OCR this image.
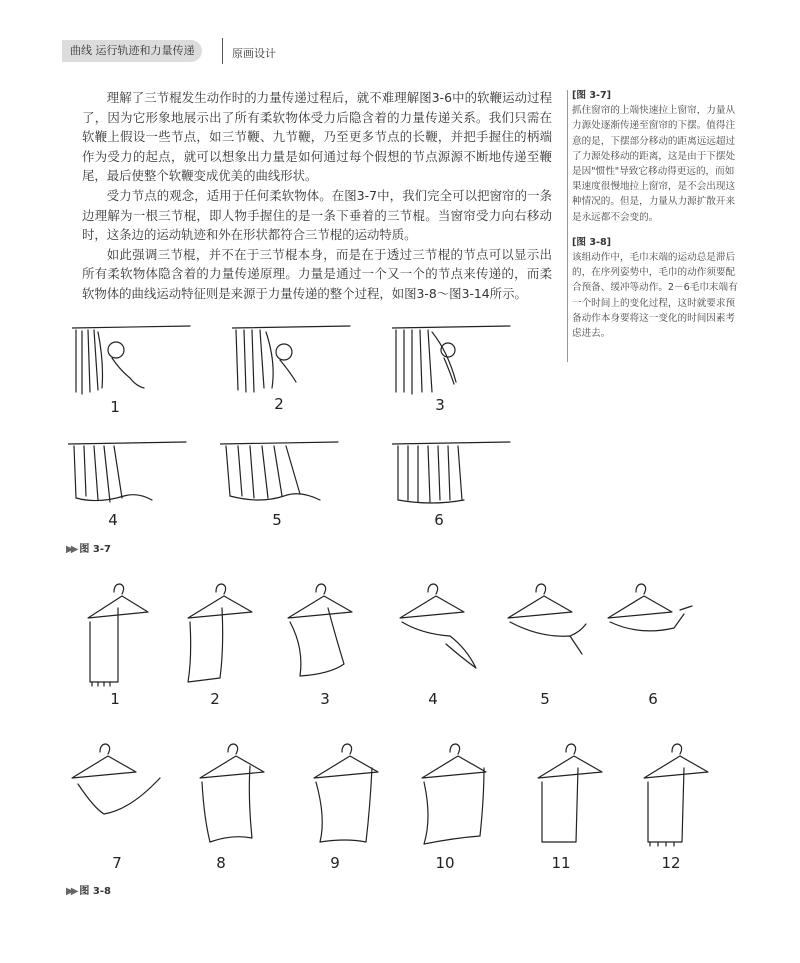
曲线 运行轨迹和力量传递	原画设计

理解了三节棍发生动作时的力量传递过程后，就不难理解图3-6中的软鞭运动过程了，因为它形象地展示出了所有柔软物体受力后隐含着的力量传递关系。我们只需在软鞭上假设一些节点，如三节鞭、九节鞭，乃至更多节点的长鞭，并把手握住的柄端作为受力的起点，就可以想象出力量是如何通过每个假想的节点源源不断地传递至鞭尾，最后使整个软鞭变成优美的曲线形状。

受力节点的观念，适用于任何柔软物体。在图3-7中，我们完全可以把窗帘的一条边理解为一根三节棍，即人物手握住的是一条下垂着的三节棍。当窗帘受力向右移动时，这条边的运动轨迹和外在形状都符合三节棍的运动特质。

如此强调三节棍，并不在于三节棍本身，而是在于透过三节棍的节点可以显示出所有柔软物体隐含着的力量传递原理。力量是通过一个又一个的节点来传递的，而柔软物体的曲线运动特征则是来源于力量传递的整个过程，如图3-8～图3-14所示。

[图 3-7]
抓住窗帘的上端快速拉上窗帘，力量从力源处逐渐传递至窗帘的下摆。值得注意的是，下摆部分移动的距离远远超过了力源处移动的距离，这是由于下摆处是因"惯性"导致它移动得更远的，而如果速度很慢地拉上窗帘，是不会出现这种情况的。但是，力量从力源扩散开来是永远都不会变的。
[图 3-8]
该组动作中，毛巾末端的运动总是滞后的，在序列姿势中，毛巾的动作须要配合预备、缓冲等动作。2－6毛巾末端有一个时间上的变化过程，这时就要求预备动作本身要将这一变化的时间因素考虑进去。
1	2	3
4	5	6
▶▶ 图 3-7
1	2	3	4	5	6
7	8	9	10	11	12
▶▶ 图 3-8
